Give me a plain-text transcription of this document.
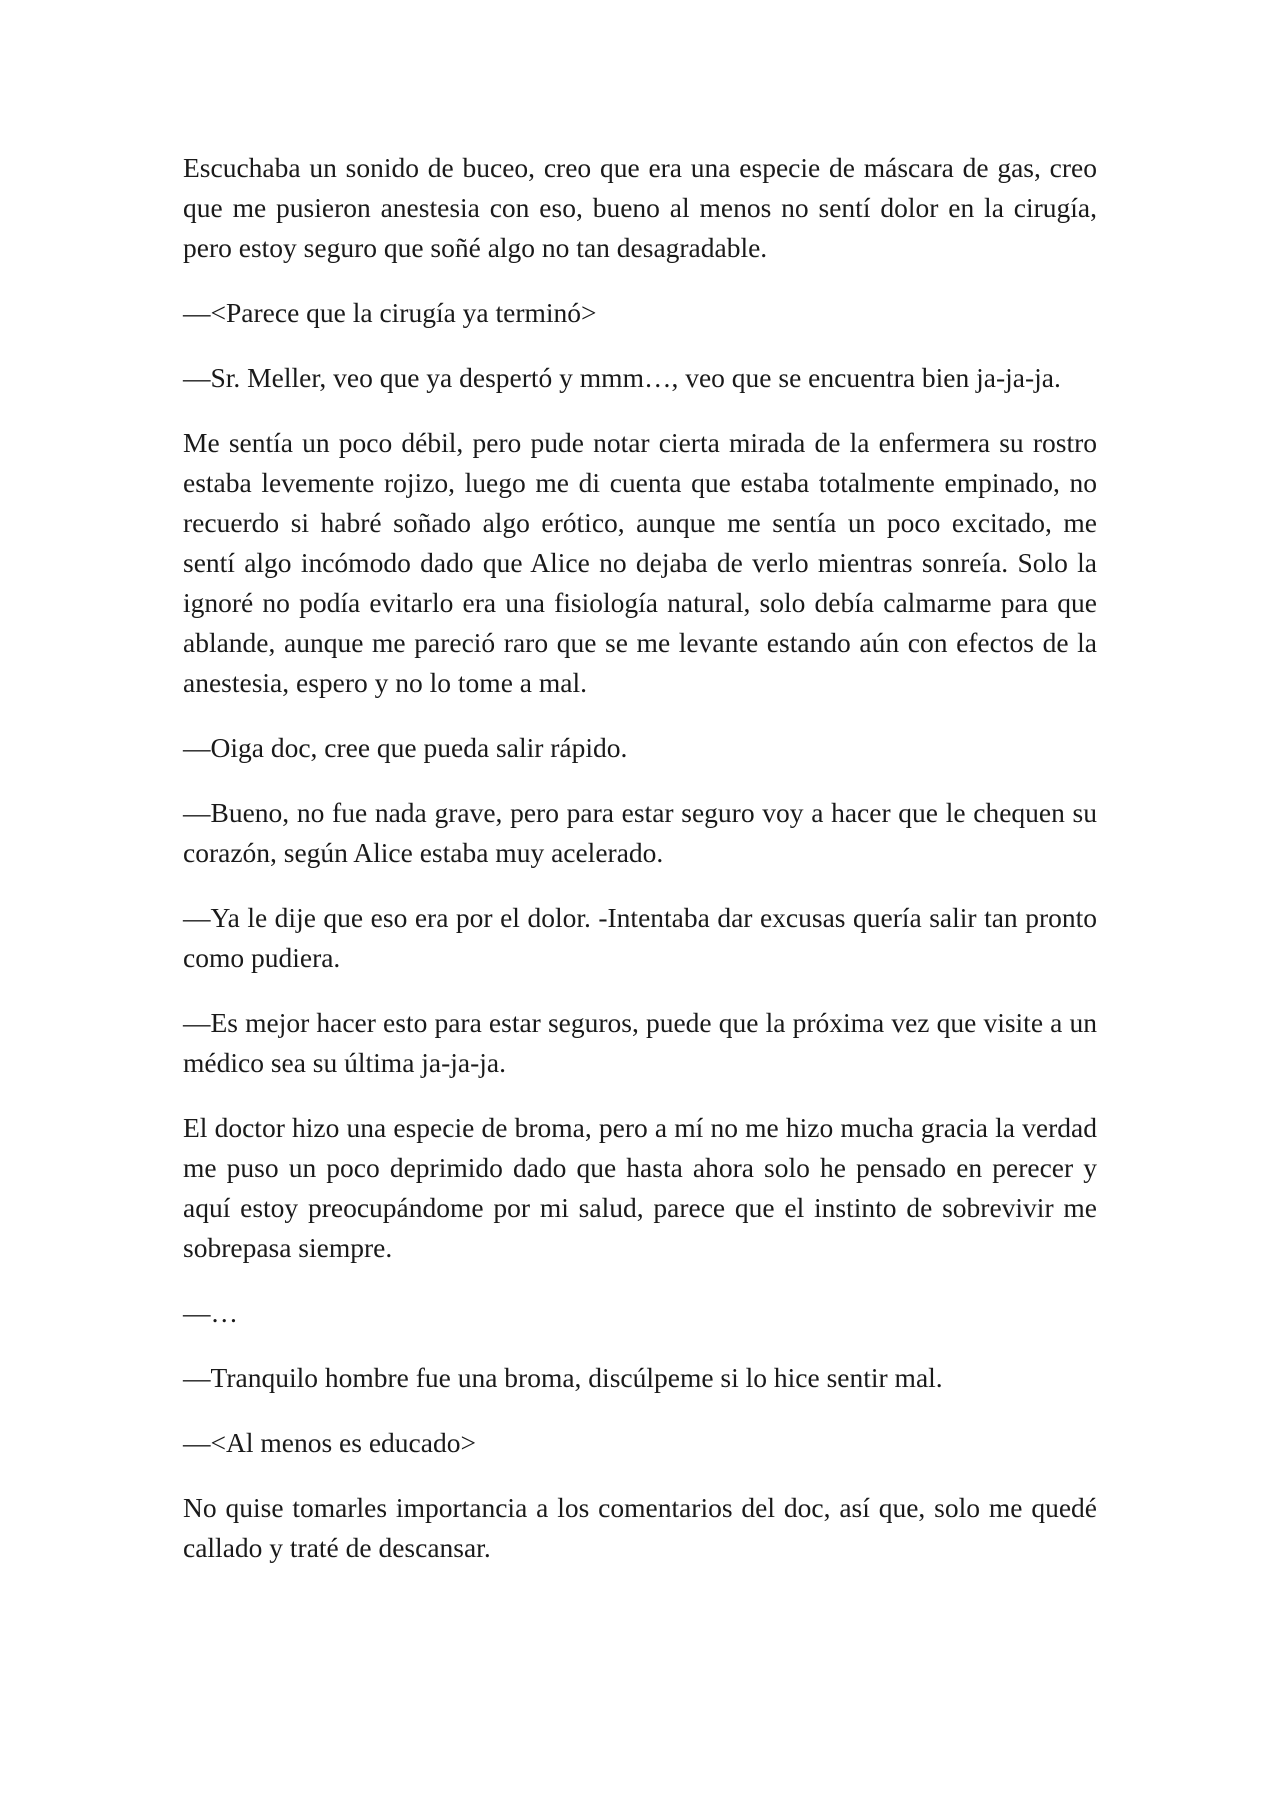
Escuchaba un sonido de buceo, creo que era una especie de máscara de gas, creo que me pusieron anestesia con eso, bueno al menos no sentí dolor en la cirugía, pero estoy seguro que soñé algo no tan desagradable.

—<Parece que la cirugía ya terminó>

—Sr. Meller, veo que ya despertó y mmm…, veo que se encuentra bien ja-ja-ja.

Me sentía un poco débil, pero pude notar cierta mirada de la enfermera su rostro estaba levemente rojizo, luego me di cuenta que estaba totalmente empinado, no recuerdo si habré soñado algo erótico, aunque me sentía un poco excitado, me sentí algo incómodo dado que Alice no dejaba de verlo mientras sonreía. Solo la ignoré no podía evitarlo era una fisiología natural, solo debía calmarme para que ablande, aunque me pareció raro que se me levante estando aún con efectos de la anestesia, espero y no lo tome a mal.

—Oiga doc, cree que pueda salir rápido.

—Bueno, no fue nada grave, pero para estar seguro voy a hacer que le chequen su corazón, según Alice estaba muy acelerado.

—Ya le dije que eso era por el dolor. -Intentaba dar excusas quería salir tan pronto como pudiera.

—Es mejor hacer esto para estar seguros, puede que la próxima vez que visite a un médico sea su última ja-ja-ja.

El doctor hizo una especie de broma, pero a mí no me hizo mucha gracia la verdad me puso un poco deprimido dado que hasta ahora solo he pensado en perecer y aquí estoy preocupándome por mi salud, parece que el instinto de sobrevivir me sobrepasa siempre.

—…

—Tranquilo hombre fue una broma, discúlpeme si lo hice sentir mal.

—<Al menos es educado>

No quise tomarles importancia a los comentarios del doc, así que, solo me quedé callado y traté de descansar.
